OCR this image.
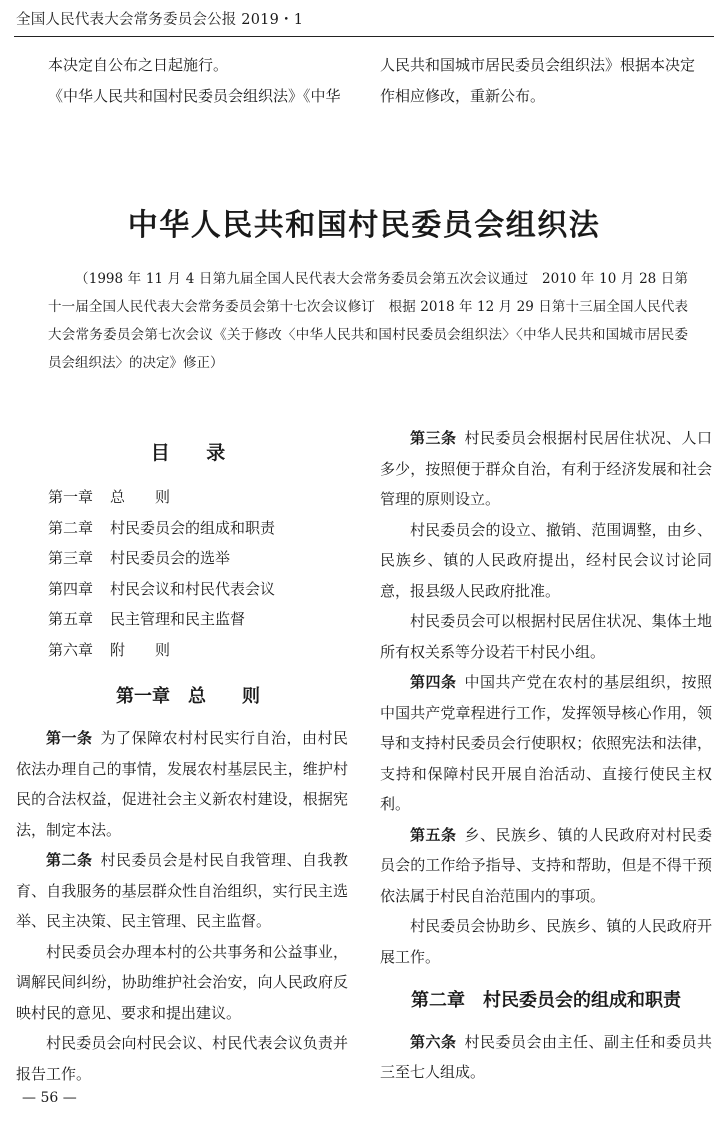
全国人民代表大会常务委员会公报 2019・1
本决定自公布之日起施行。
《中华人民共和国村民委员会组织法》《中华
人民共和国城市居民委员会组织法》根据本决定
作相应修改，重新公布。
中华人民共和国村民委员会组织法

（1998 年 11 月 4 日第九届全国人民代表大会常务委员会第五次会议通过　2010 年 10 月 28 日第十一届全国人民代表大会常务委员会第十七次会议修订　根据 2018 年 12 月 29 日第十三届全国人民代表大会常务委员会第七次会议《关于修改〈中华人民共和国村民委员会组织法〉〈中华人民共和国城市居民委员会组织法〉的决定》修正）

目 录
第一章	总　　则
第二章	村民委员会的组成和职责
第三章	村民委员会的选举
第四章	村民会议和村民代表会议
第五章	民主管理和民主监督
第六章	附　　则
第一章　总　　则

第一条 为了保障农村村民实行自治，由村民依法办理自己的事情，发展农村基层民主，维护村民的合法权益，促进社会主义新农村建设，根据宪法，制定本法。

第二条 村民委员会是村民自我管理、自我教育、自我服务的基层群众性自治组织，实行民主选举、民主决策、民主管理、民主监督。

村民委员会办理本村的公共事务和公益事业，调解民间纠纷，协助维护社会治安，向人民政府反映村民的意见、要求和提出建议。

村民委员会向村民会议、村民代表会议负责并报告工作。

第三条 村民委员会根据村民居住状况、人口多少，按照便于群众自治，有利于经济发展和社会管理的原则设立。

村民委员会的设立、撤销、范围调整，由乡、民族乡、镇的人民政府提出，经村民会议讨论同意，报县级人民政府批准。

村民委员会可以根据村民居住状况、集体土地所有权关系等分设若干村民小组。

第四条 中国共产党在农村的基层组织，按照中国共产党章程进行工作，发挥领导核心作用，领导和支持村民委员会行使职权；依照宪法和法律，支持和保障村民开展自治活动、直接行使民主权利。

第五条 乡、民族乡、镇的人民政府对村民委员会的工作给予指导、支持和帮助，但是不得干预依法属于村民自治范围内的事项。

村民委员会协助乡、民族乡、镇的人民政府开展工作。

第二章　村民委员会的组成和职责

第六条 村民委员会由主任、副主任和委员共三至七人组成。

— 56 —
